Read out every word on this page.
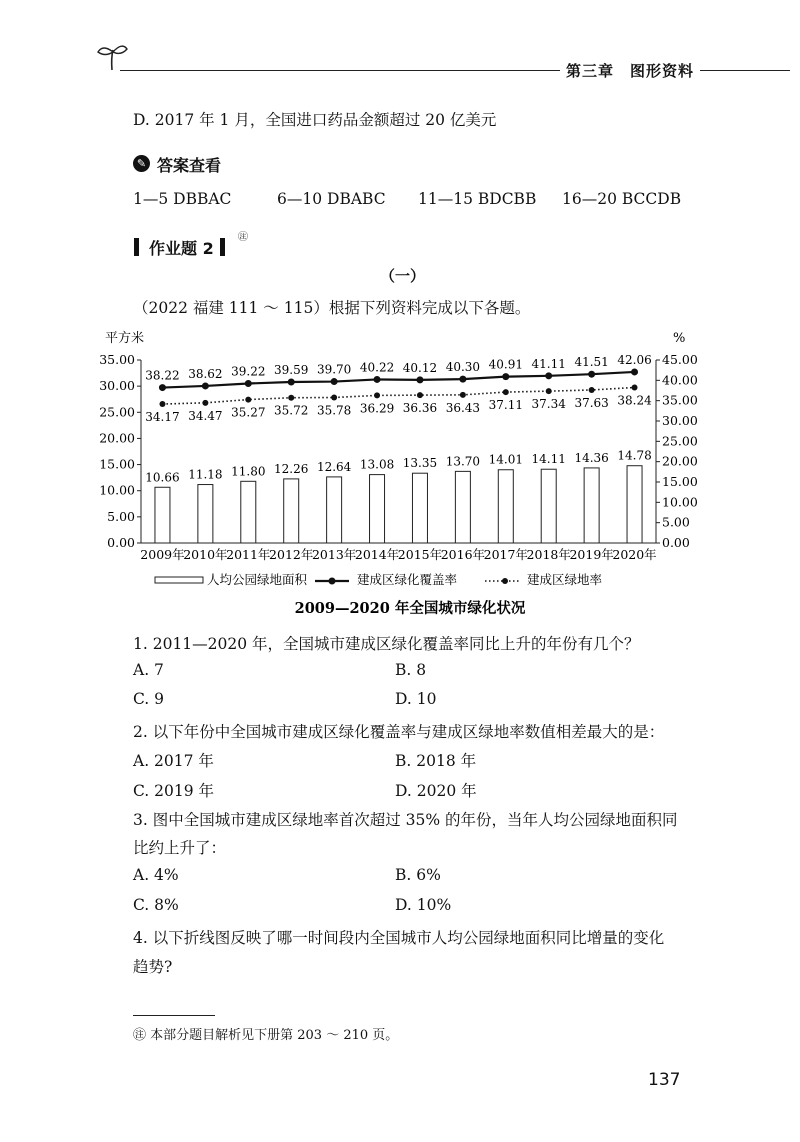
第三章　图形资料
D. 2017 年 1 月，全国进口药品金额超过 20 亿美元
✎ 答案查看
1—5 DBBAC	6—10 DBABC 11—15 BDCBB 16—20 BCCDB
作业题 2
㊟
（一）
（2022 福建 111 ～ 115）根据下列资料完成以下各题。
平方米	%
0.00
5.00
10.00
15.00
20.00
25.00
30.00
35.00
0.00
5.00
10.00
15.00
20.00
25.00
30.00
35.00
40.00
45.00
10.66 11.18 11.80 12.26 12.64 13.08 13.35 13.70 14.01 14.11 14.36 14.78
38.22 38.62 39.22 39.59 39.70 40.22 40.12 40.30 40.91 41.11 41.51 42.06
34.17 34.47 35.27 35.72 35.78 36.29 36.36 36.43 37.11 37.34 37.63 38.24
2009年
2010年
2011年
2012年
2013年
2014年
2015年
2016年
2017年
2018年
2019年
2020年
人均公园绿地面积	建成区绿化覆盖率	建成区绿地率
2009—2020 年全国城市绿化状况
1. 2011—2020 年，全国城市建成区绿化覆盖率同比上升的年份有几个？
A. 7	B. 8
C. 9	D. 10
2. 以下年份中全国城市建成区绿化覆盖率与建成区绿地率数值相差最大的是：
A. 2017 年	B. 2018 年
C. 2019 年	D. 2020 年
3. 图中全国城市建成区绿地率首次超过 35% 的年份，当年人均公园绿地面积同
比约上升了：
A. 4%	B. 6%
C. 8%	D. 10%
4. 以下折线图反映了哪一时间段内全国城市人均公园绿地面积同比增量的变化
趋势?
㊟ 本部分题目解析见下册第 203 ～ 210 页。
137
